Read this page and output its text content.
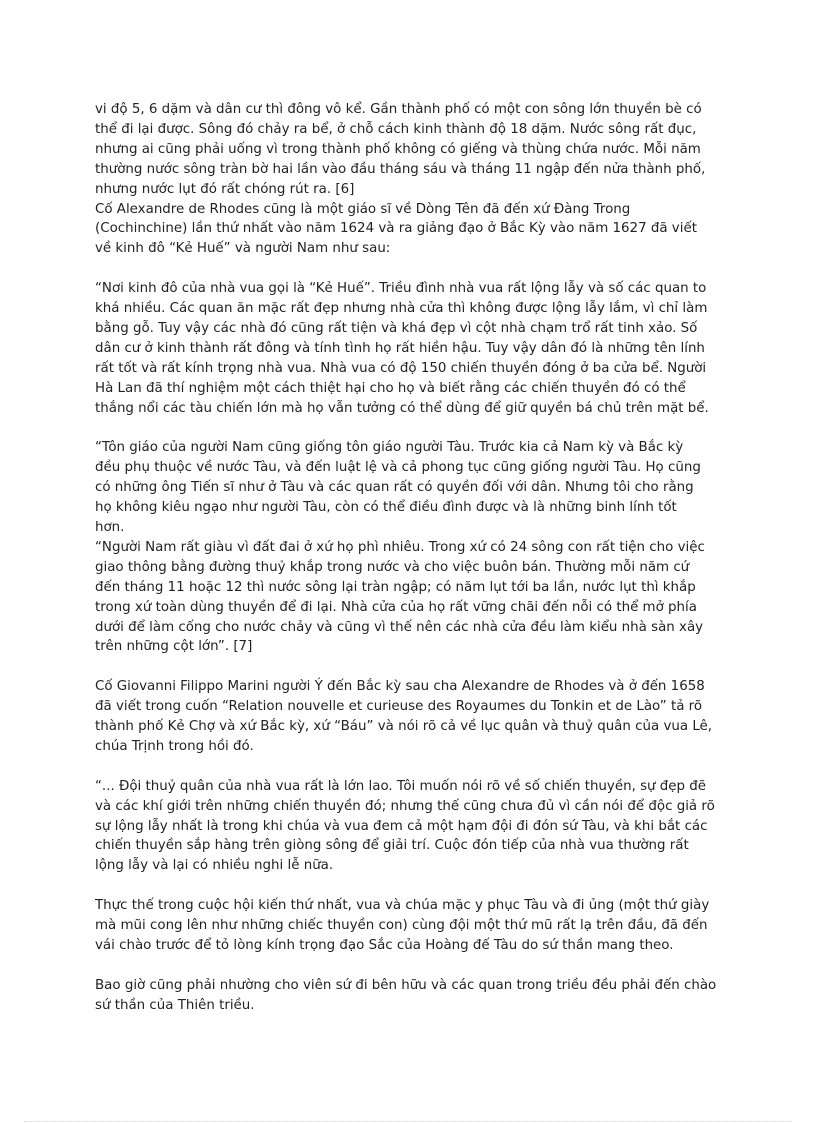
vi độ 5, 6 dặm và dân cư thì đông vô kể. Gần thành phố có một con sông lớn thuyền bè có
thể đi lại được. Sông đó chảy ra bể, ở chỗ cách kinh thành độ 18 dặm. Nước sông rất đục,
nhưng ai cũng phải uống vì trong thành phố không có giếng và thùng chứa nước. Mỗi năm
thường nước sông tràn bờ hai lần vào đầu tháng sáu và tháng 11 ngập đến nửa thành phố,
nhưng nước lụt đó rất chóng rút ra. [6]
Cố Alexandre de Rhodes cũng là một giáo sĩ về Dòng Tên đã đến xứ Đàng Trong
(Cochinchine) lần thứ nhất vào năm 1624 và ra giảng đạo ở Bắc Kỳ vào năm 1627 đã viết
về kinh đô “Kẻ Huế” và người Nam như sau:
“Nơi kinh đô của nhà vua gọi là “Kẻ Huế”. Triều đình nhà vua rất lộng lẫy và số các quan to
khá nhiều. Các quan ăn mặc rất đẹp nhưng nhà cửa thì không được lộng lẫy lắm, vì chỉ làm
bằng gỗ. Tuy vậy các nhà đó cũng rất tiện và khá đẹp vì cột nhà chạm trổ rất tinh xảo. Số
dân cư ở kinh thành rất đông và tính tình họ rất hiền hậu. Tuy vậy dân đó là những tên lính
rất tốt và rất kính trọng nhà vua. Nhà vua có độ 150 chiến thuyền đóng ở ba cửa bể. Người
Hà Lan đã thí nghiệm một cách thiệt hại cho họ và biết rằng các chiến thuyền đó có thể
thắng nổi các tàu chiến lớn mà họ vẫn tưởng có thể dùng để giữ quyền bá chủ trên mặt bể.
“Tôn giáo của người Nam cũng giống tôn giáo người Tàu. Trước kia cả Nam kỳ và Bắc kỳ
đều phụ thuộc về nước Tàu, và đến luật lệ và cả phong tục cũng giống người Tàu. Họ cũng
có những ông Tiến sĩ như ở Tàu và các quan rất có quyền đối với dân. Nhưng tôi cho rằng
họ không kiêu ngạo như người Tàu, còn có thể điều đình được và là những binh lính tốt
hơn.
“Người Nam rất giàu vì đất đai ở xứ họ phì nhiêu. Trong xứ có 24 sông con rất tiện cho việc
giao thông bằng đường thuỷ khắp trong nước và cho việc buôn bán. Thường mỗi năm cứ
đến tháng 11 hoặc 12 thì nước sông lại tràn ngập; có năm lụt tới ba lần, nước lụt thì khắp
trong xứ toàn dùng thuyền để đi lại. Nhà cửa của họ rất vững chãi đến nỗi có thể mở phía
dưới để làm cống cho nước chảy và cũng vì thế nên các nhà cửa đều làm kiểu nhà sàn xây
trên những cột lớn”. [7]
Cố Giovanni Filippo Marini người Ý đến Bắc kỳ sau cha Alexandre de Rhodes và ở đến 1658
đã viết trong cuốn “Relation nouvelle et curieuse des Royaumes du Tonkin et de Lào” tả rõ
thành phố Kẻ Chợ và xứ Bắc kỳ, xứ “Báu” và nói rõ cả về lục quân và thuỷ quân của vua Lê,
chúa Trịnh trong hồi đó.
“... Đội thuỷ quân của nhà vua rất là lớn lao. Tôi muốn nói rõ về số chiến thuyền, sự đẹp đẽ
và các khí giới trên những chiến thuyền đó; nhưng thế cũng chưa đủ vì cần nói để độc giả rõ
sự lộng lẫy nhất là trong khi chúa và vua đem cả một hạm đội đi đón sứ Tàu, và khi bắt các
chiến thuyền sắp hàng trên giòng sông để giải trí. Cuộc đón tiếp của nhà vua thường rất
lộng lẫy và lại có nhiều nghi lễ nữa.
Thực thế trong cuộc hội kiến thứ nhất, vua và chúa mặc y phục Tàu và đi ủng (một thứ giày
mà mũi cong lên như những chiếc thuyền con) cùng đội một thứ mũ rất lạ trên đầu, đã đến
vái chào trước để tỏ lòng kính trọng đạo Sắc của Hoàng đế Tàu do sứ thần mang theo.
Bao giờ cũng phải nhường cho viên sứ đi bên hữu và các quan trong triều đều phải đến chào
sứ thần của Thiên triều.
